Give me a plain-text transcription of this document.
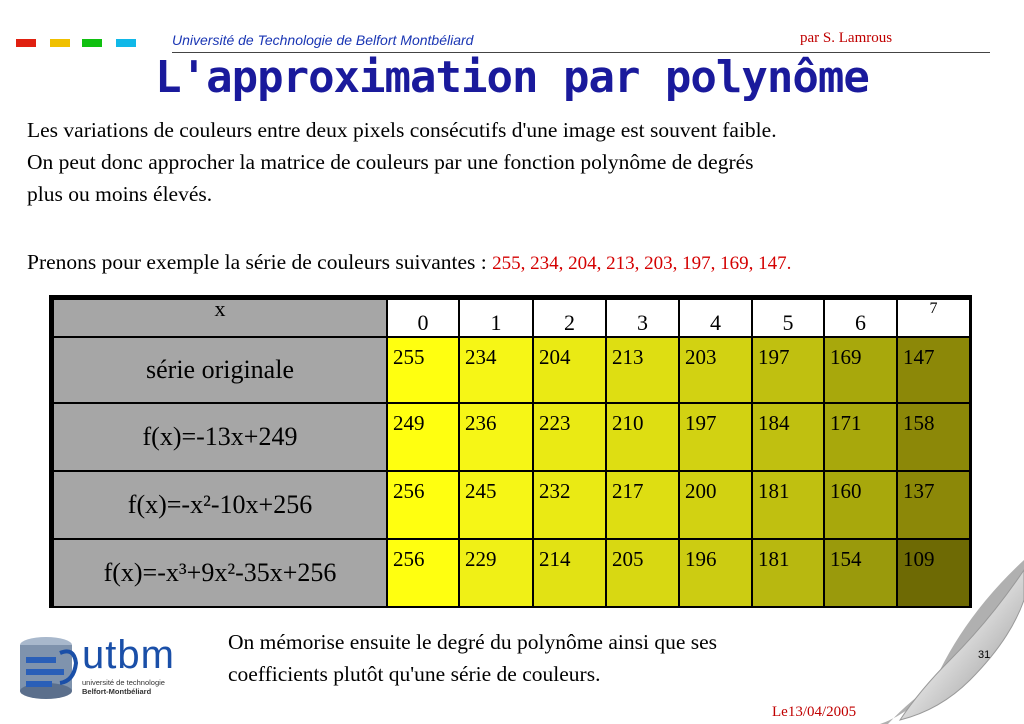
Université de Technologie de Belfort Montbéliard	par S. Lamrous
L'approximation par polynôme
Les variations de couleurs entre deux pixels consécutifs d'une image est souvent faible.
On peut donc approcher la matrice de couleurs par une fonction polynôme de degrés
plus ou moins élevés.
Prenons pour exemple la série de couleurs suivantes : 255, 234, 204, 213, 203, 197, 169, 147.
x	0	1	2	3	4	5	6	7
série originale	255	234	204	213	203	197	169	147
f(x)=-13x+249	249	236	223	210	197	184	171	158
f(x)=-x²-10x+256	256	245	232	217	200	181	160	137
f(x)=-x³+9x²-35x+256	256	229	214	205	196	181	154	109
On mémorise ensuite le degré du polynôme ainsi que ses
coefficients plutôt qu'une série de couleurs.
utbm
université de technologie
Belfort-Montbéliard
31
Le13/04/2005
